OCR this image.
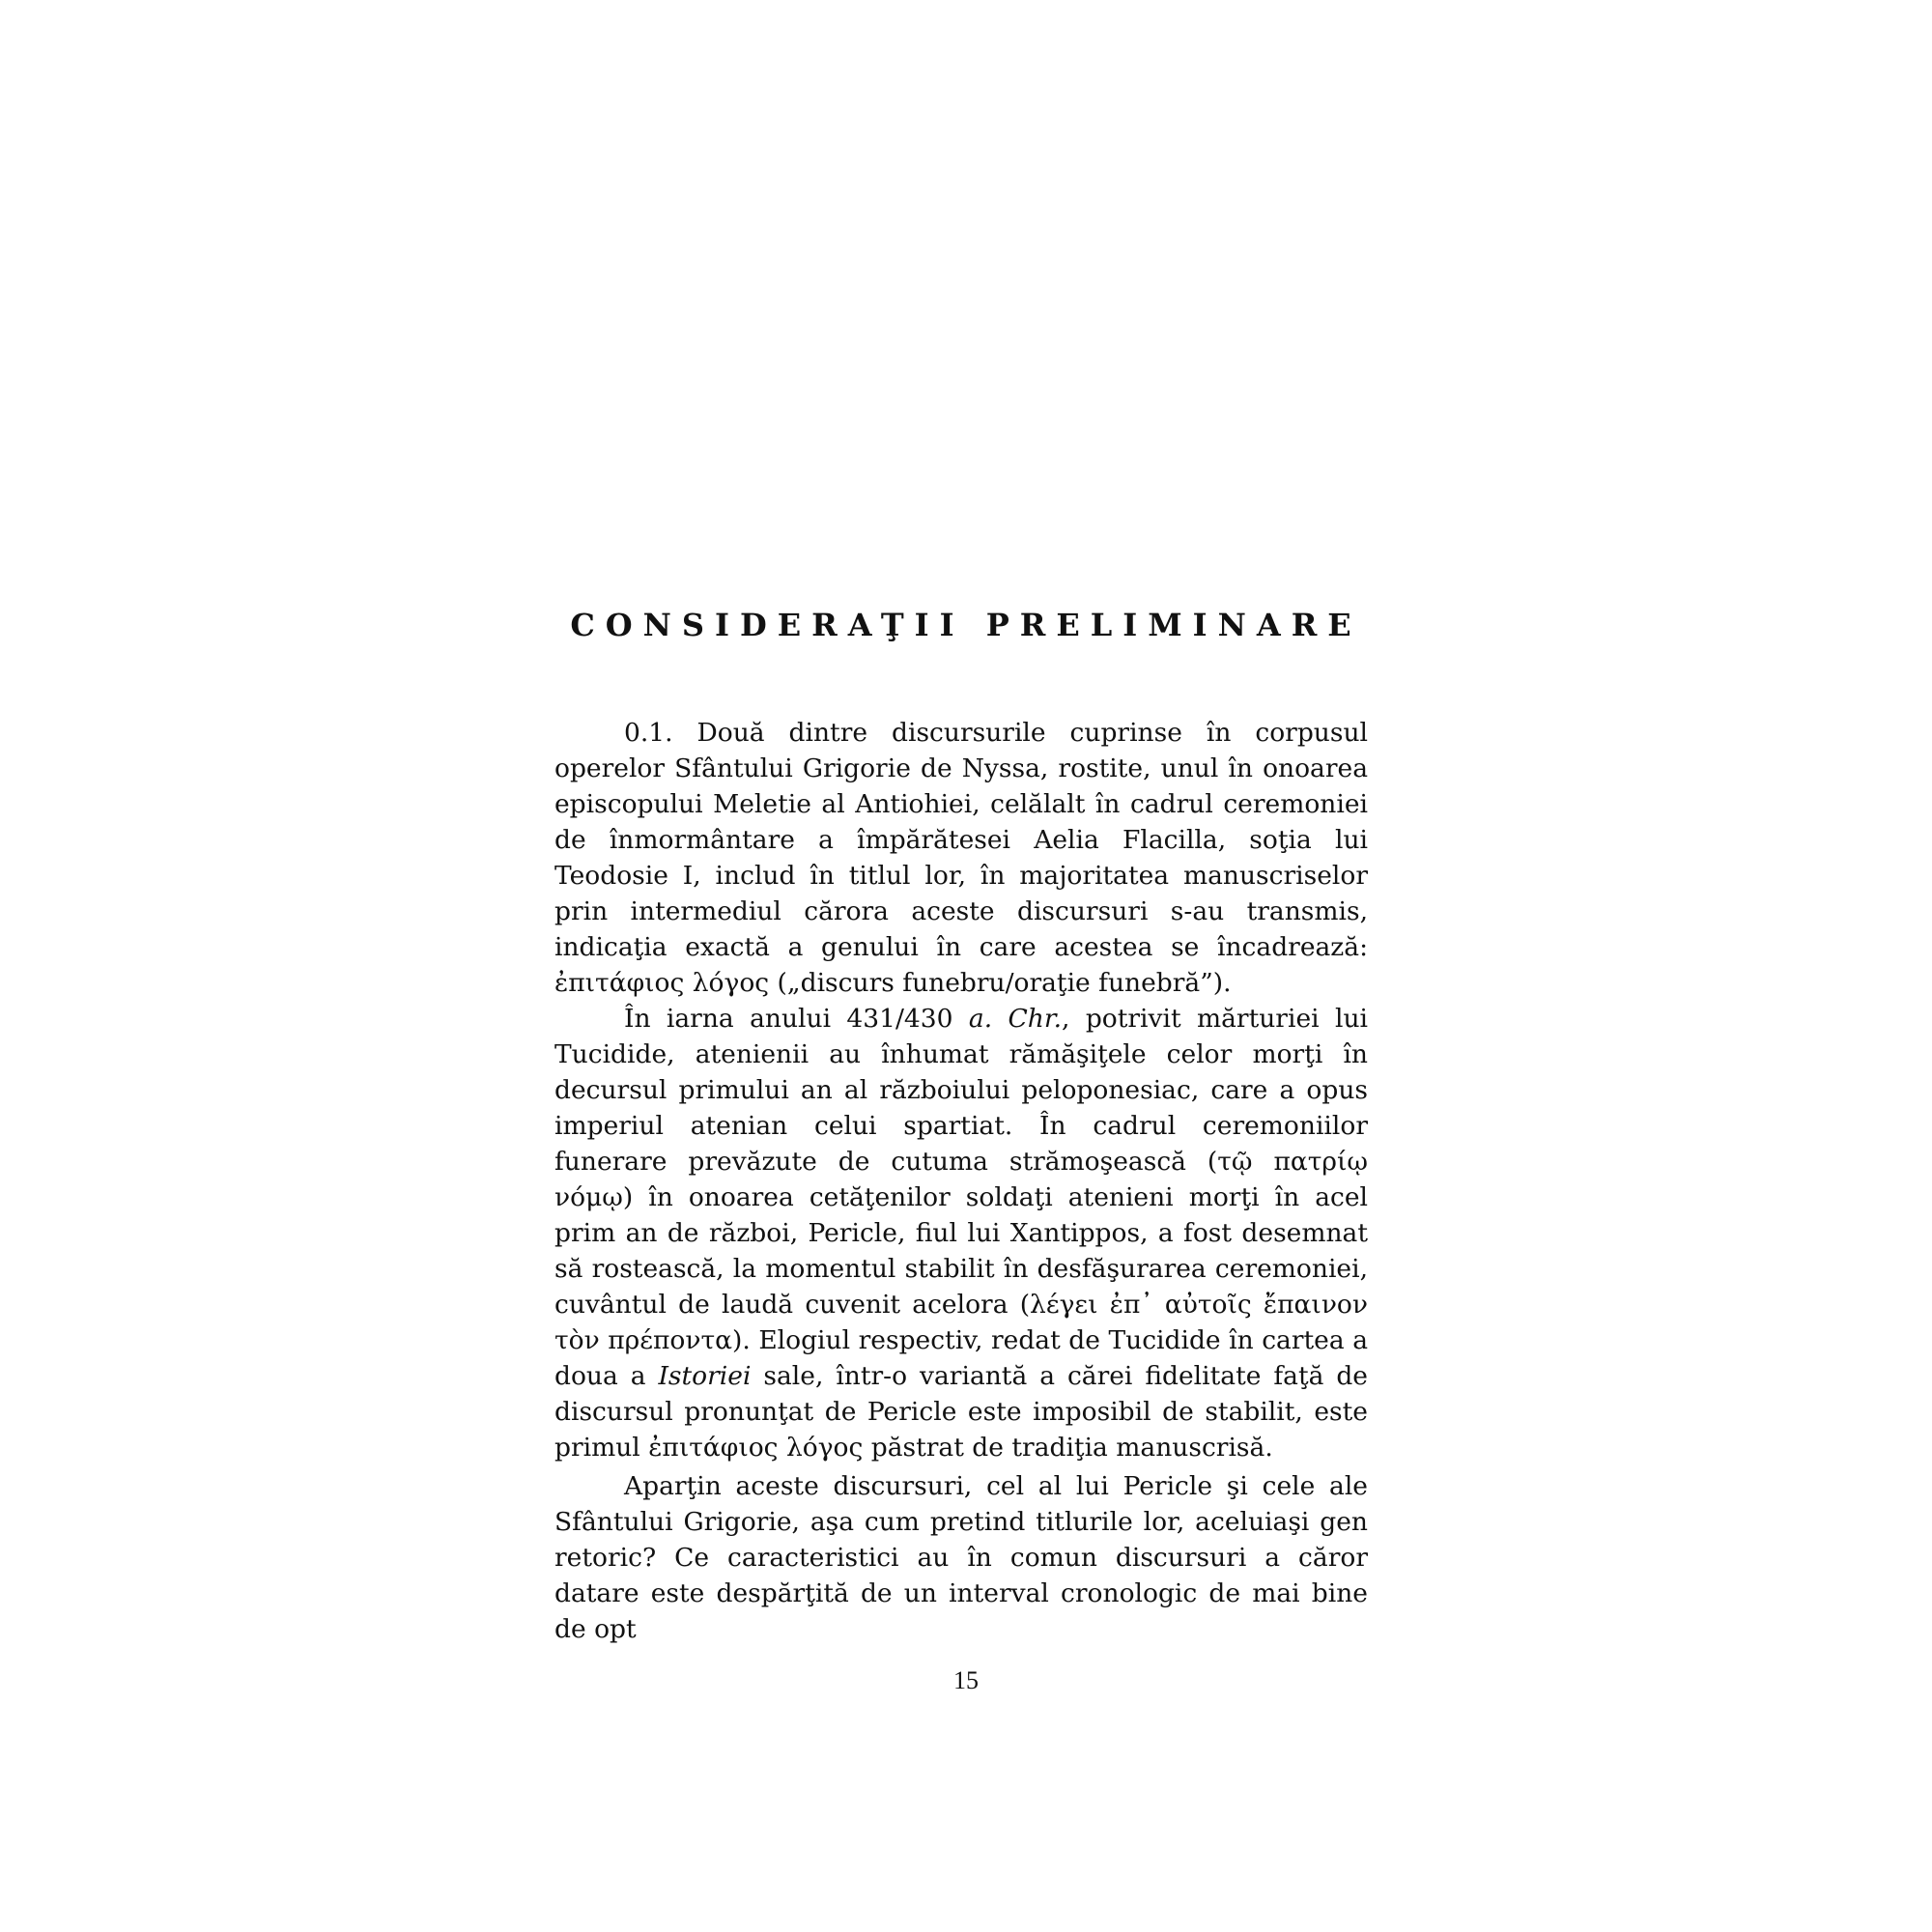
CONSIDERAŢII PRELIMINARE

0.1. Două dintre discursurile cuprinse în corpusul operelor Sfântului Grigorie de Nyssa, rostite, unul în onoarea episcopului Meletie al Antiohiei, celălalt în cadrul ceremoniei de înmormântare a împărătesei Aelia Flacilla, soţia lui Teodosie I, includ în titlul lor, în majoritatea manuscriselor prin intermediul cărora aceste discursuri s-au transmis, indicaţia exactă a genului în care acestea se încadrează: ἐπιτάφιος λόγος („discurs funebru/oraţie funebră”).

În iarna anului 431/430 a. Chr., potrivit mărturiei lui Tucidide, atenienii au înhumat rămăşiţele celor morţi în decursul primului an al războiului peloponesiac, care a opus imperiul atenian celui spartiat. În cadrul ceremoniilor funerare prevăzute de cutuma strămoşească (τῷ πατρίῳ νόμῳ) în onoarea cetăţenilor soldaţi atenieni morţi în acel prim an de război, Pericle, fiul lui Xantippos, a fost desemnat să rostească, la momentul stabilit în desfăşurarea ceremoniei, cuvântul de laudă cuvenit acelora (λέγει ἐπ᾽ αὐτοῖς ἔπαινον τὸν πρέποντα). Elogiul respectiv, redat de Tucidide în cartea a doua a Istoriei sale, într-o variantă a cărei fidelitate faţă de discursul pronunţat de Pericle este imposibil de stabilit, este primul ἐπιτάφιος λόγος păstrat de tradiţia manuscrisă.

Aparţin aceste discursuri, cel al lui Pericle şi cele ale Sfântului Grigorie, aşa cum pretind titlurile lor, aceluiaşi gen retoric? Ce caracteristici au în comun discursuri a căror datare este despărţită de un interval cronologic de mai bine de opt

15
